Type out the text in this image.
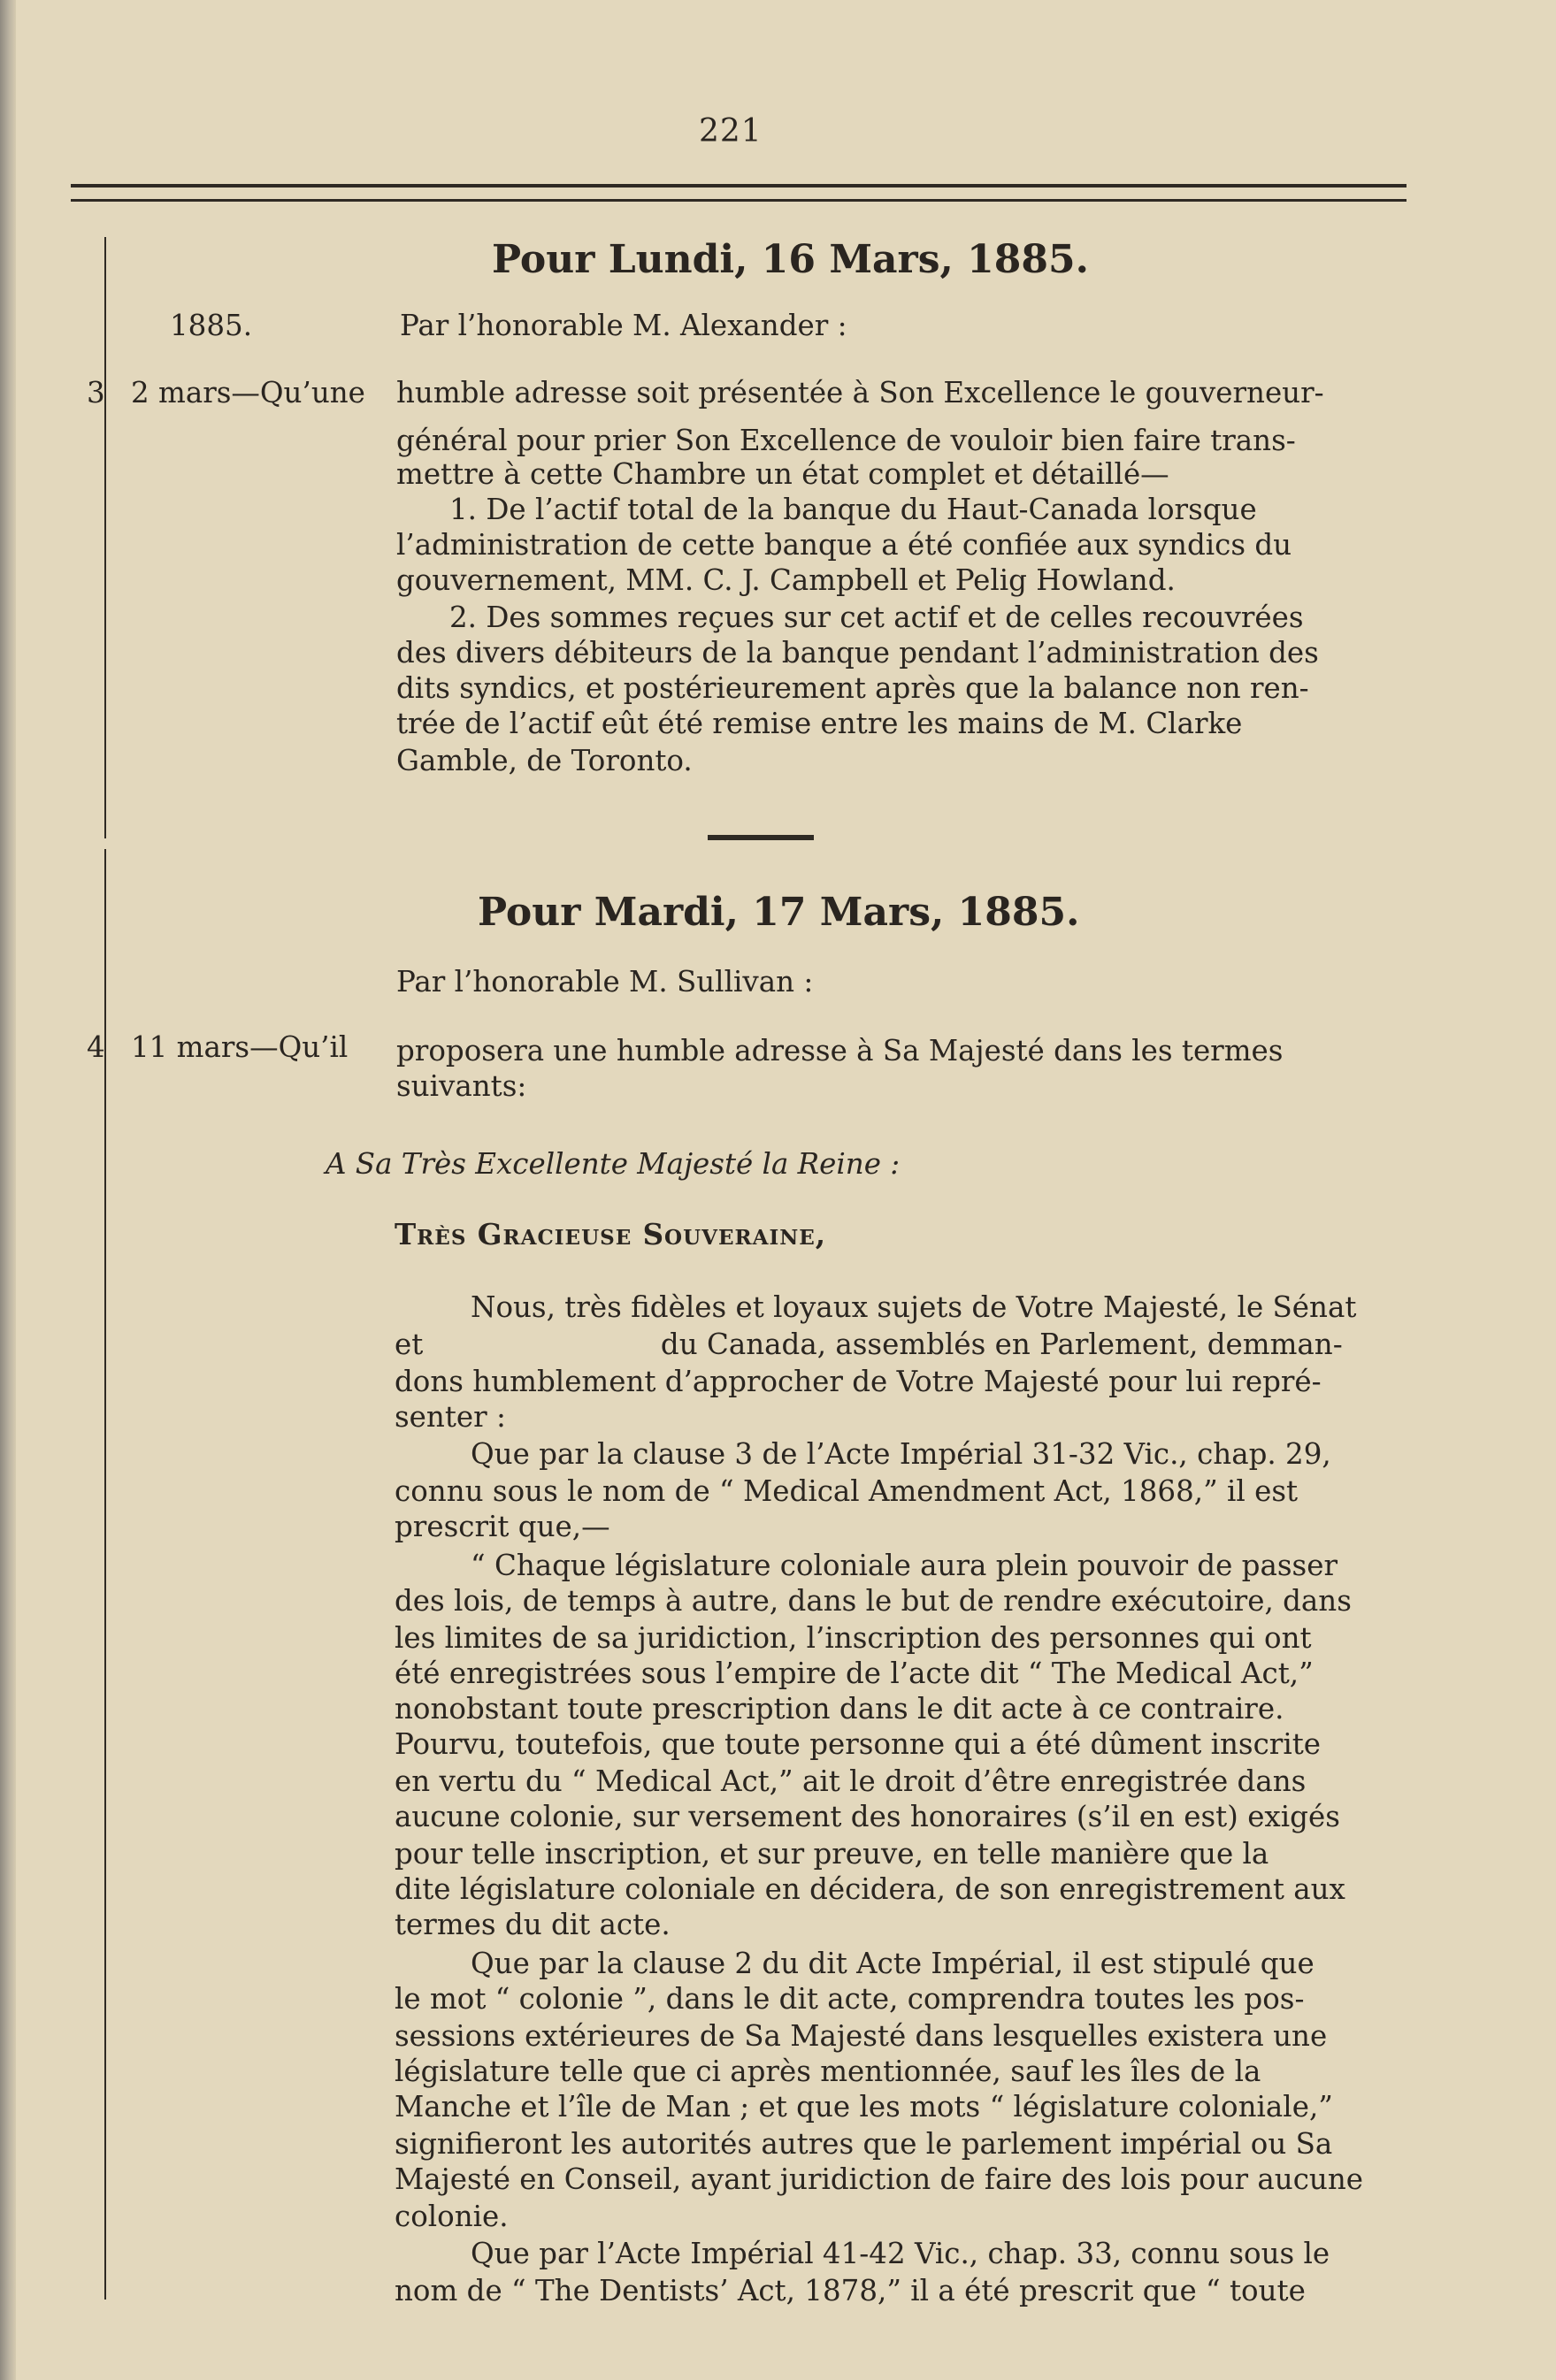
221
Pour Lundi, 16 Mars, 1885.
1885.	Par l’honorable M. Alexander :
3 2 mars—Qu’une humble adresse soit présentée à Son Excellence le gouverneur-
général pour prier Son Excellence de vouloir bien faire trans-
mettre à cette Chambre un état complet et détaillé—
1. De l’actif total de la banque du Haut-Canada lorsque
l’administration de cette banque a été confiée aux syndics du
gouvernement, MM. C. J. Campbell et Pelig Howland.
2. Des sommes reçues sur cet actif et de celles recouvrées
des divers débiteurs de la banque pendant l’administration des
dits syndics, et postérieurement après que la balance non ren-
trée de l’actif eût été remise entre les mains de M. Clarke
Gamble, de Toronto.
Pour Mardi, 17 Mars, 1885.
Par l’honorable M. Sullivan :
4 11 mars—Qu’il proposera une humble adresse à Sa Majesté dans les termes
suivants:
A Sa Très Excellente Majesté la Reine :
Très Gracieuse Souveraine,
Nous, très fidèles et loyaux sujets de Votre Majesté, le Sénat
et                          du Canada, assemblés en Parlement, demman-
dons humblement d’approcher de Votre Majesté pour lui repré-
senter :
Que par la clause 3 de l’Acte Impérial 31-32 Vic., chap. 29,
connu sous le nom de “ Medical Amendment Act, 1868,” il est
prescrit que,—
“ Chaque législature coloniale aura plein pouvoir de passer
des lois, de temps à autre, dans le but de rendre exécutoire, dans
les limites de sa juridiction, l’inscription des personnes qui ont
été enregistrées sous l’empire de l’acte dit “ The Medical Act,”
nonobstant toute prescription dans le dit acte à ce contraire.
Pourvu, toutefois, que toute personne qui a été dûment inscrite
en vertu du “ Medical Act,” ait le droit d’être enregistrée dans
aucune colonie, sur versement des honoraires (s’il en est) exigés
pour telle inscription, et sur preuve, en telle manière que la
dite législature coloniale en décidera, de son enregistrement aux
termes du dit acte.
Que par la clause 2 du dit Acte Impérial, il est stipulé que
le mot “ colonie ”, dans le dit acte, comprendra toutes les pos-
sessions extérieures de Sa Majesté dans lesquelles existera une
législature telle que ci après mentionnée, sauf les îles de la
Manche et l’île de Man ; et que les mots “ législature coloniale,”
signifieront les autorités autres que le parlement impérial ou Sa
Majesté en Conseil, ayant juridiction de faire des lois pour aucune
colonie.
Que par l’Acte Impérial 41-42 Vic., chap. 33, connu sous le
nom de “ The Dentists’ Act, 1878,” il a été prescrit que “ toute
